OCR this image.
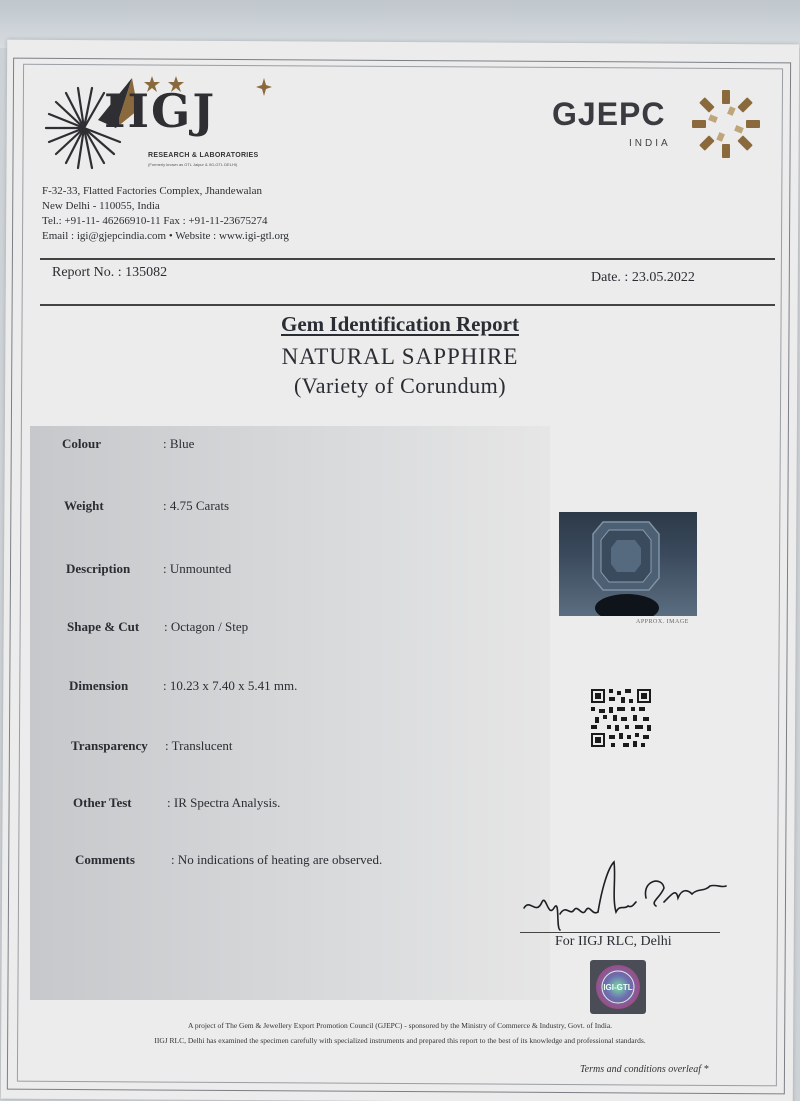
IIGJ
RESEARCH & LABORATORIES
(Formerly known as GTL Jaipur & IIG-GTL DELHI)
GJEPC
INDIA
F-32-33, Flatted Factories Complex, Jhandewalan
New Delhi - 110055, India
Tel.: +91-11- 46266910-11 Fax : +91-11-23675274
Email : igi@gjepcindia.com • Website : www.igi-gtl.org
Report No. : 135082	Date. : 23.05.2022
Gem Identification Report
NATURAL SAPPHIRE
(Variety of Corundum)
Colour	: Blue
Weight	: 4.75 Carats
Description	: Unmounted
Shape & Cut	: Octagon / Step
Dimension	: 10.23 x 7.40 x 5.41 mm.
Transparency	: Translucent
Other Test	: IR Spectra Analysis.
Comments	: No indications of heating are observed.
APPROX. IMAGE
For IIGJ RLC, Delhi
IGI-GTL
A project of The Gem & Jewellery Export Promotion Council (GJEPC) - sponsored by the Ministry of Commerce & Industry, Govt. of India.
IIGJ RLC, Delhi has examined the specimen carefully with specialized instruments and prepared this report to the best of its knowledge and professional standards.
Terms and conditions overleaf *
